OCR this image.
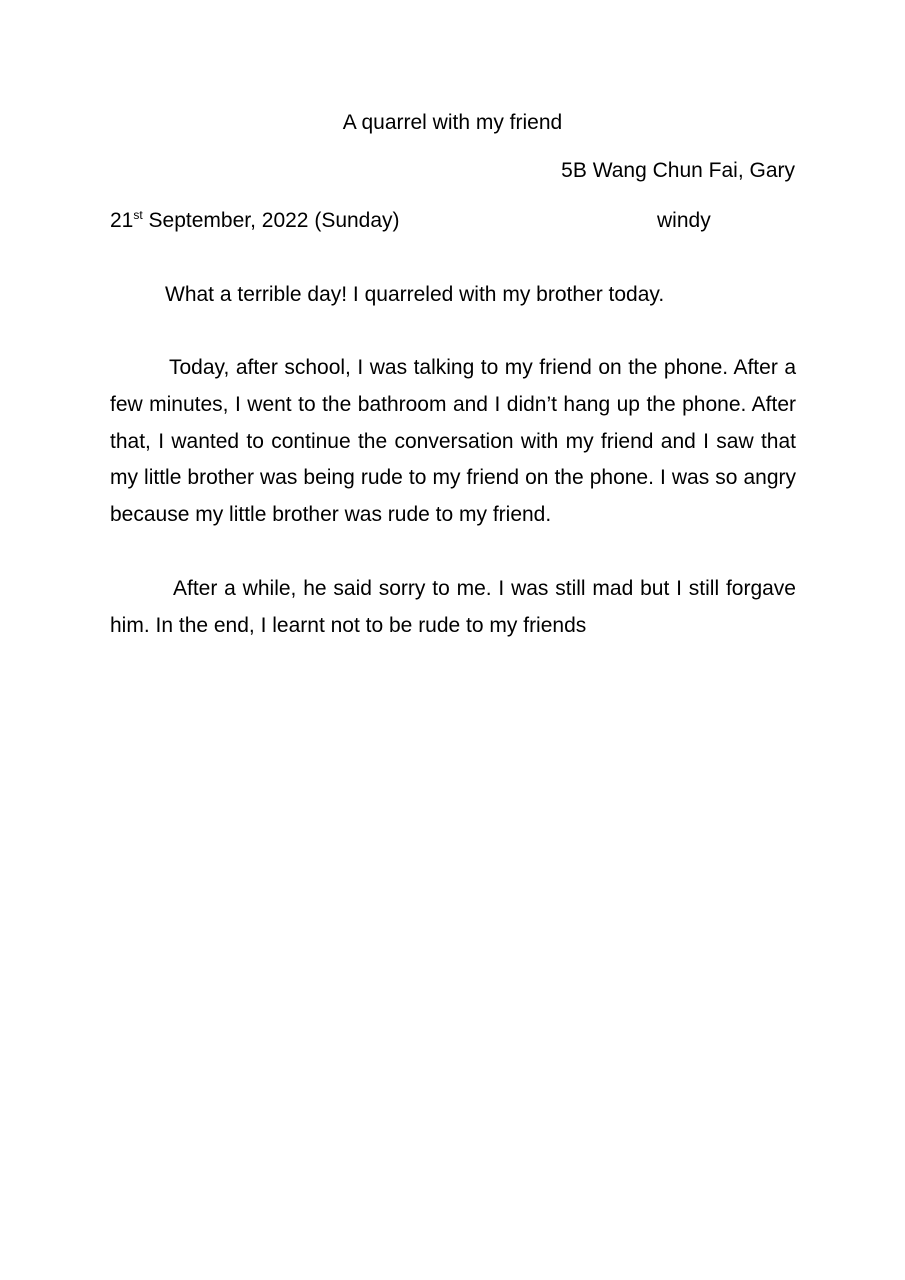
A quarrel with my friend
5B Wang Chun Fai, Gary
21st September, 2022 (Sunday)	windy

What a terrible day! I quarreled with my brother today.

Today, after school, I was talking to my friend on the phone. After a few minutes, I went to the bathroom and I didn’t hang up the phone. After that, I wanted to continue the conversation with my friend and I saw that my little brother was being rude to my friend on the phone. I was so angry because my little brother was rude to my friend.

After a while, he said sorry to me. I was still mad but I still forgave him. In the end, I learnt not to be rude to my friends
